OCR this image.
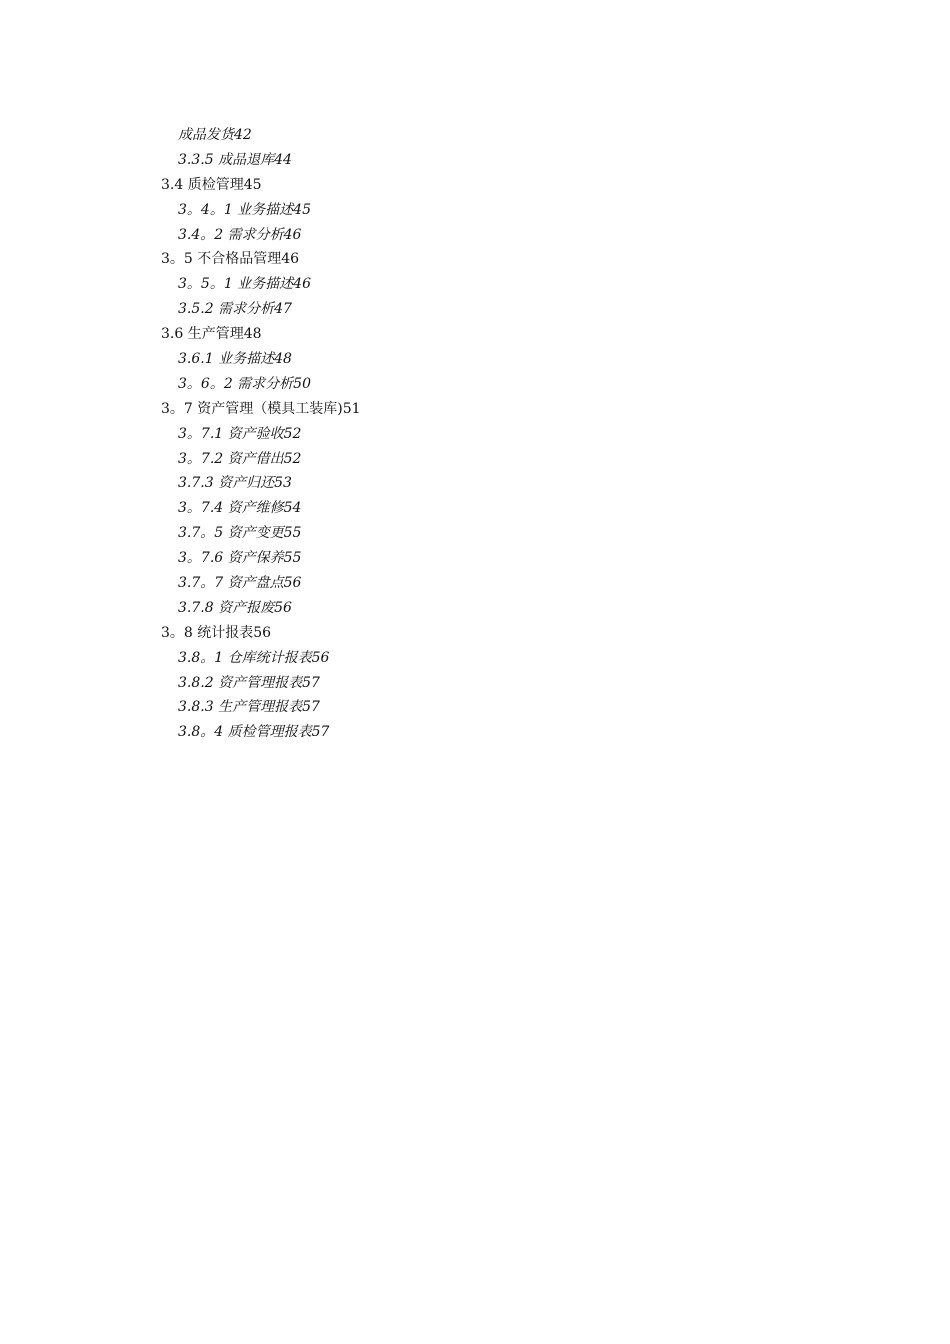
成品发货42
3.3.5 成品退库44
3.4 质检管理45
3。4。1 业务描述45
3.4。2 需求分析46
3。5 不合格品管理46
3。5。1 业务描述46
3.5.2 需求分析47
3.6 生产管理48
3.6.1 业务描述48
3。6。2 需求分析50
3。7 资产管理（模具工装库)51
3。7.1 资产验收52
3。7.2 资产借出52
3.7.3 资产归还53
3。7.4 资产维修54
3.7。5 资产变更55
3。7.6 资产保养55
3.7。7 资产盘点56
3.7.8 资产报废56
3。8 统计报表56
3.8。1 仓库统计报表56
3.8.2 资产管理报表57
3.8.3 生产管理报表57
3.8。4 质检管理报表57
